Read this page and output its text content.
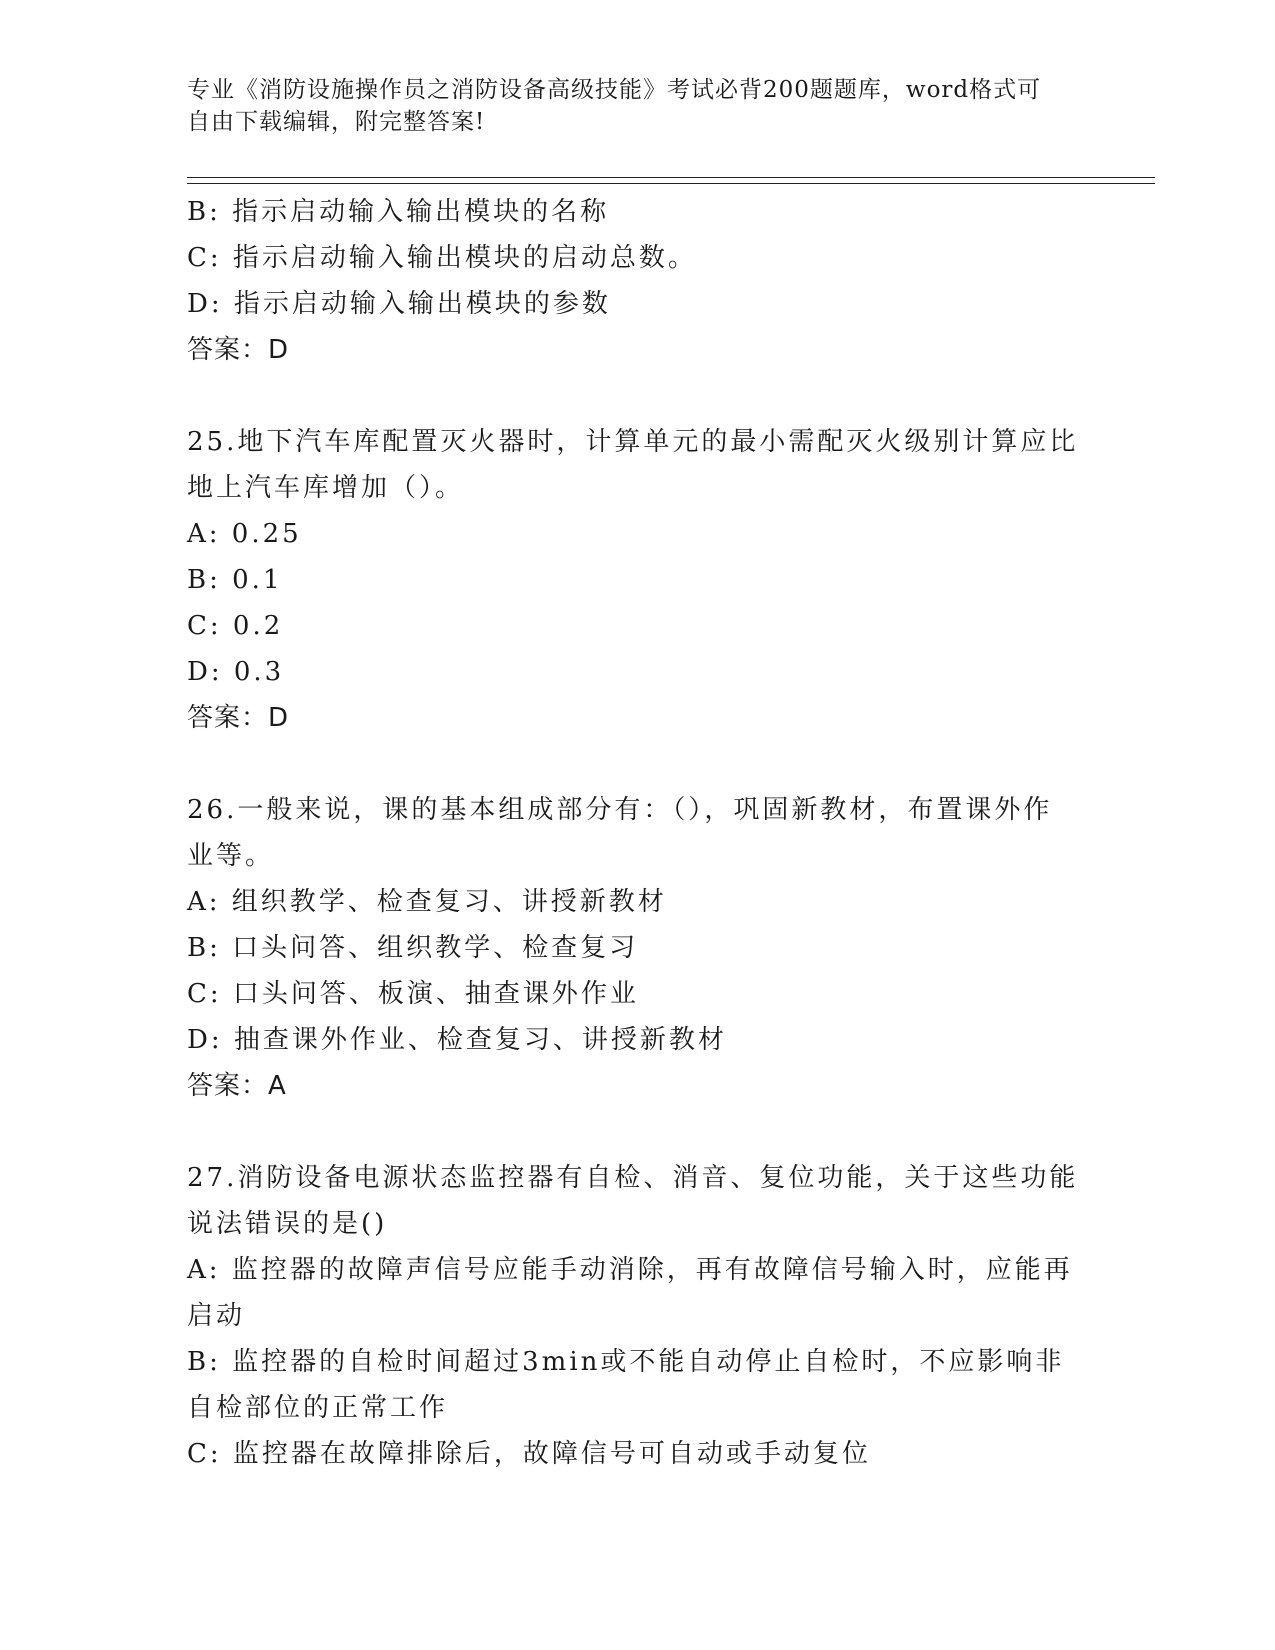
专业《消防设施操作员之消防设备高级技能》考试必背200题题库，word格式可
自由下载编辑，附完整答案!

B: 指示启动输入输出模块的名称

C: 指示启动输入输出模块的启动总数。

D: 指示启动输入输出模块的参数

答案：D

25.地下汽车库配置灭火器时，计算单元的最小需配灭火级别计算应比

地上汽车库增加（）。

A: 0.25

B: 0.1

C: 0.2

D: 0.3

答案：D

26.一般来说，课的基本组成部分有：（），巩固新教材，布置课外作

业等。

A: 组织教学、检查复习、讲授新教材

B: 口头问答、组织教学、检查复习

C: 口头问答、板演、抽查课外作业

D: 抽查课外作业、检查复习、讲授新教材

答案：A

27.消防设备电源状态监控器有自检、消音、复位功能，关于这些功能

说法错误的是()

A: 监控器的故障声信号应能手动消除，再有故障信号输入时，应能再

启动

B: 监控器的自检时间超过3min或不能自动停止自检时，不应影响非

自检部位的正常工作

C: 监控器在故障排除后，故障信号可自动或手动复位
